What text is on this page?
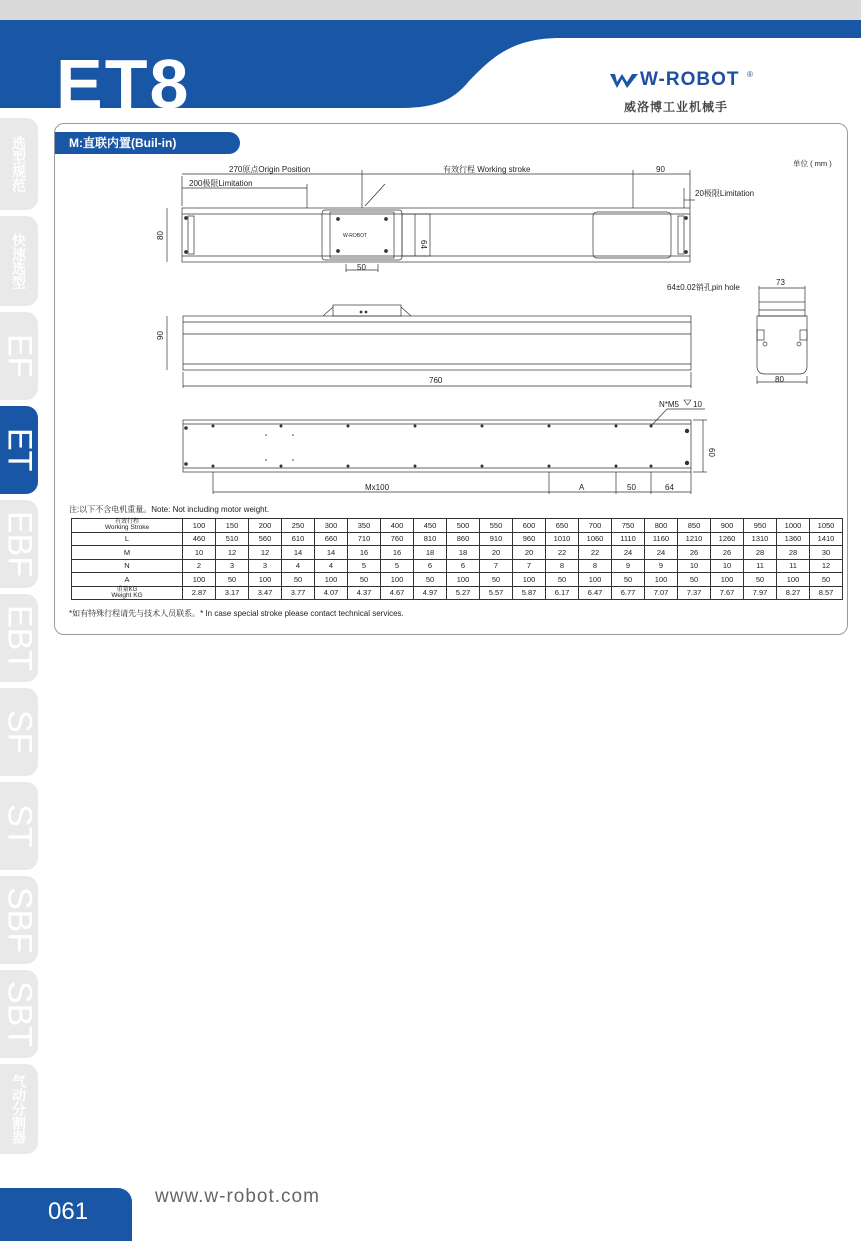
ET8	W-ROBOT ®
威洛博工业机械手
选型规范
快速选型
EF
ET
EBF
EBT
SF
ST
SBF
SBT
气动分割器
M:直联内置(Buil-in)
单位 ( mm )
W-ROBOT
270原点Origin Position
200极限Limitation
有效行程 Working stroke	90
20极限Limitation
80
64
50
90
760
64±0.02销孔pin hole
73
80
N*M5 10
60
Mx100	A	50	64
注:以下不含电机重量。Note: Not including motor weight.
有效行程
Working Stroke	100	150	200	250	300	350	400	450	500	550	600	650	700	750	800	850	900	950	1000	1050
L	460	510	560	610	660	710	760	810	860	910	960	1010	1060	1110	1160	1210	1260	1310	1360	1410
M	10	12	12	14	14	16	16	18	18	20	20	22	22	24	24	26	26	28	28	30
N	2	3	3	4	4	5	5	6	6	7	7	8	8	9	9	10	10	11	11	12
A	100	50	100	50	100	50	100	50	100	50	100	50	100	50	100	50	100	50	100	50

重量KG
Weight KG	2.87	3.17	3.47	3.77	4.07	4.37	4.67	4.97	5.27	5.57	5.87	6.17	6.47	6.77	7.07	7.37	7.67	7.97	8.27	8.57
*如有特殊行程请先与技术人员联系。* In case special stroke please contact technical services.
061
www.w-robot.com
